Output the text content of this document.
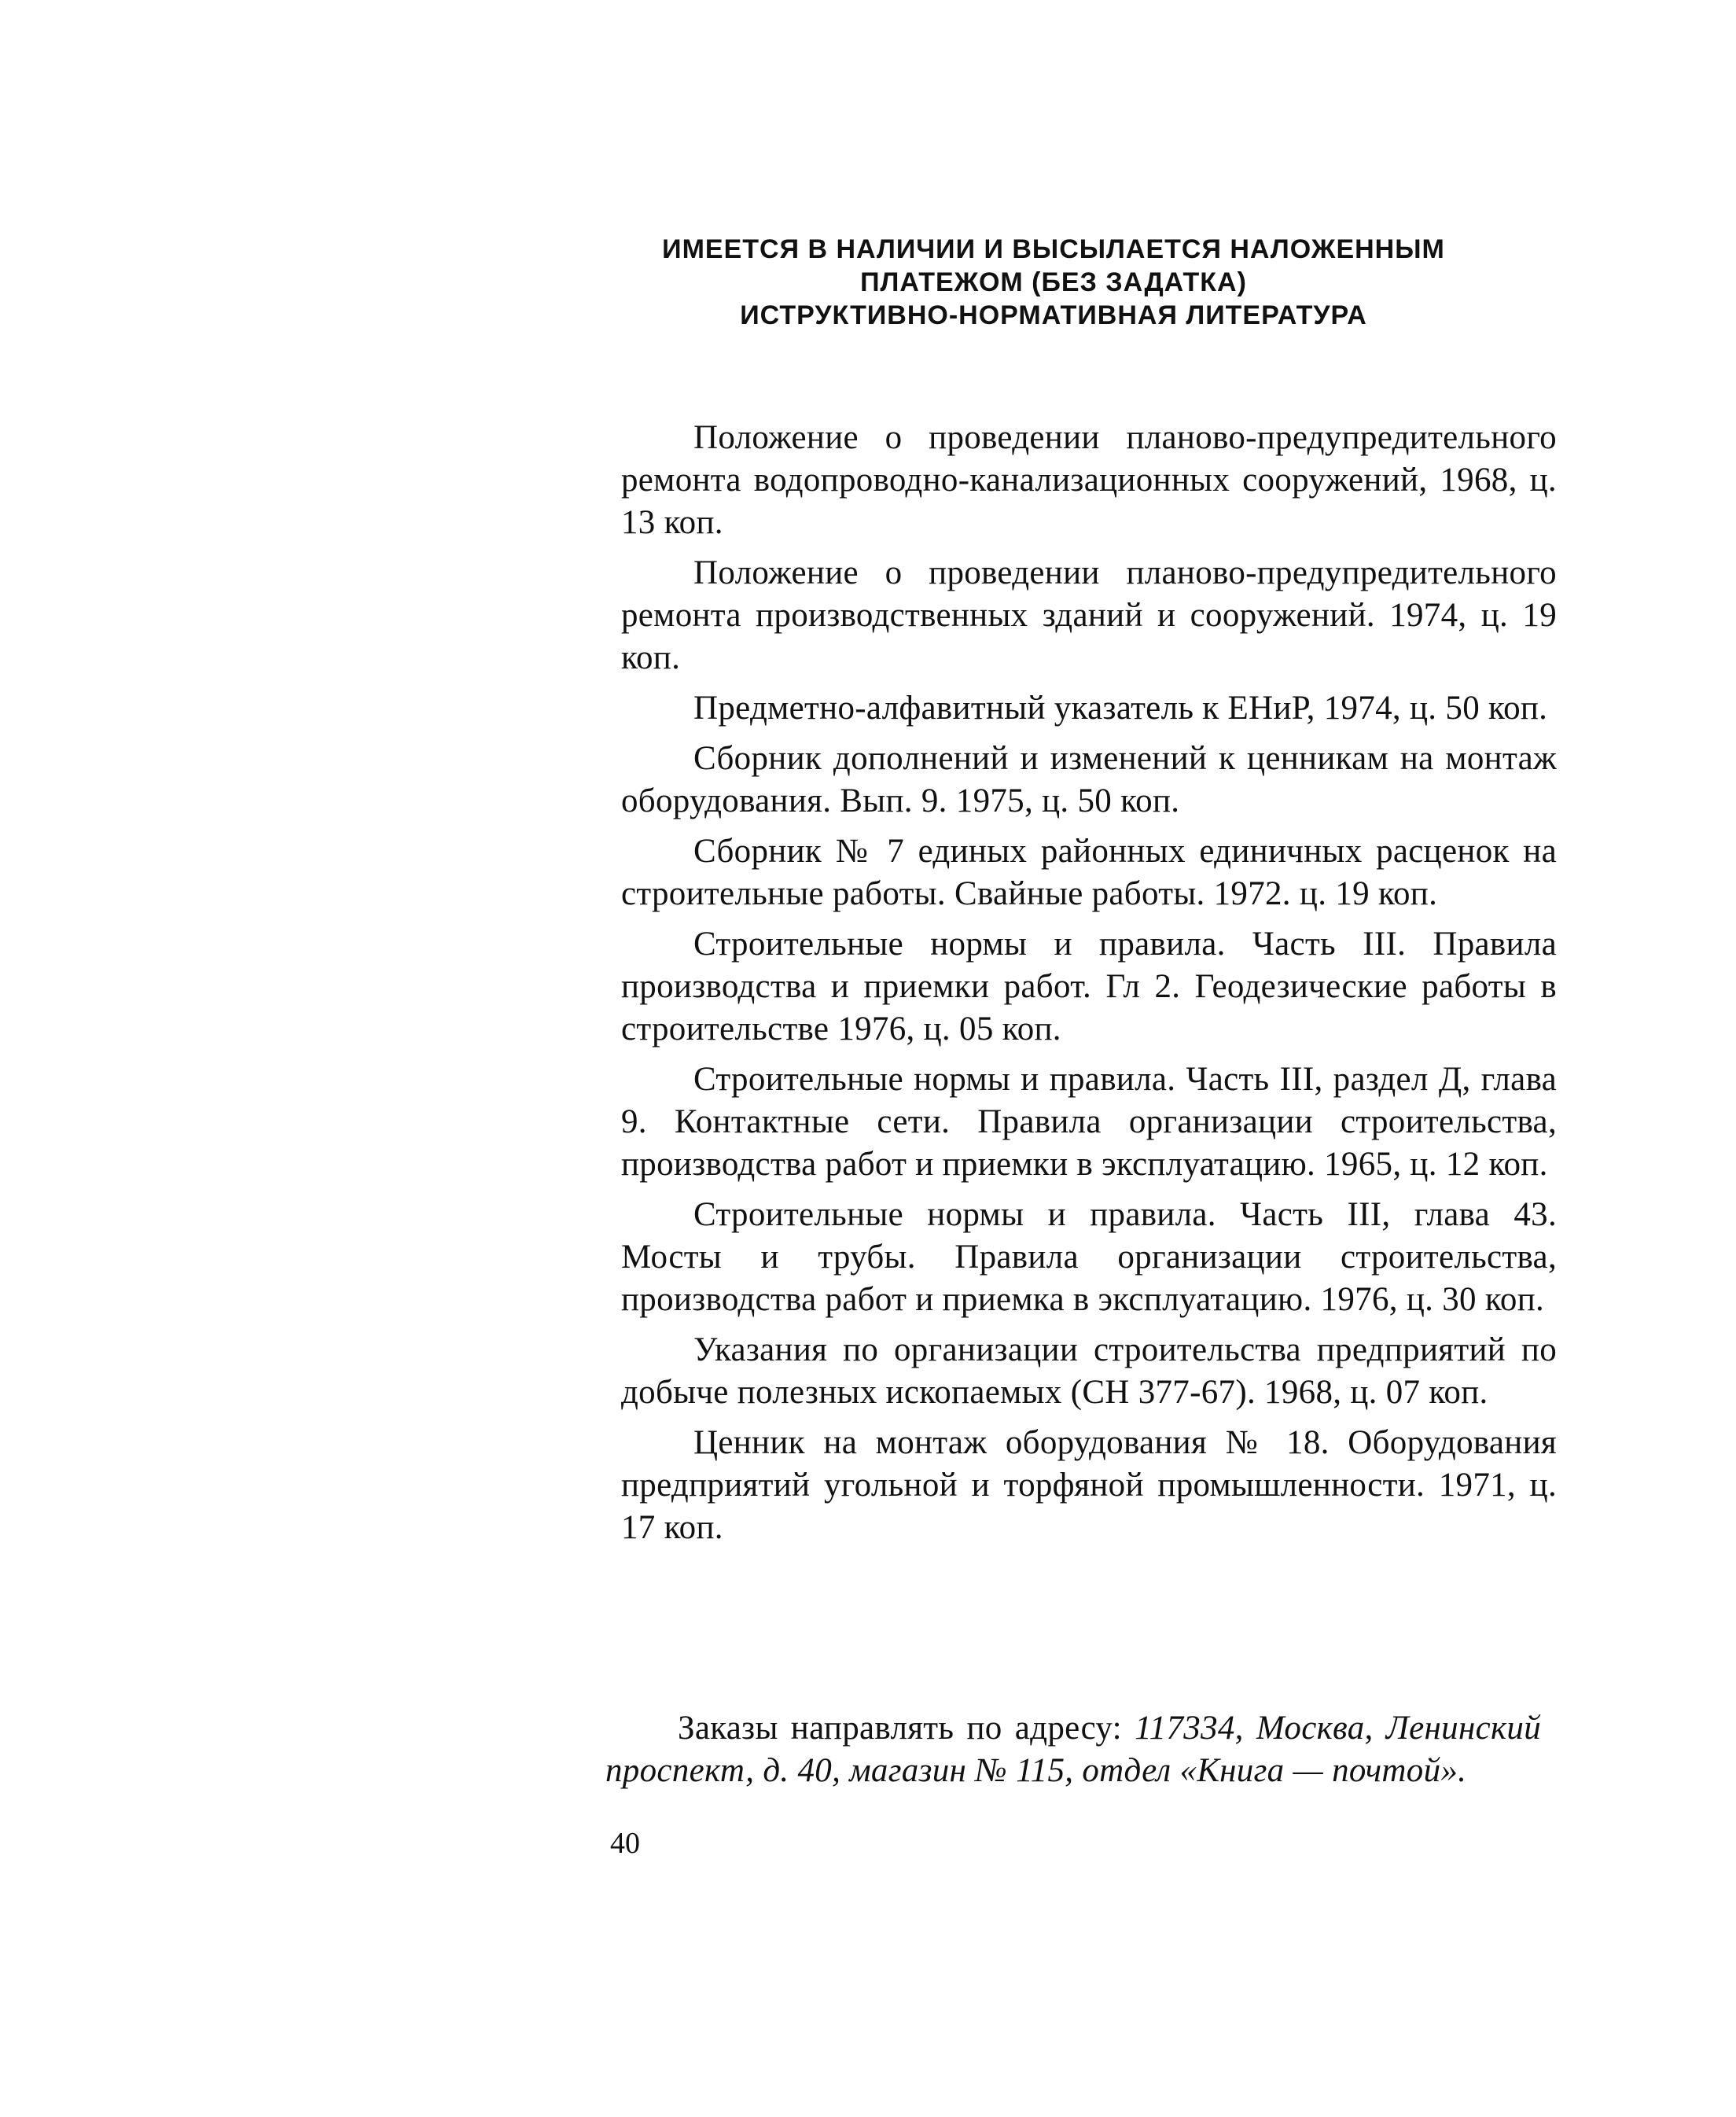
ИМЕЕТСЯ В НАЛИЧИИ И ВЫСЫЛАЕТСЯ НАЛОЖЕННЫМ
ПЛАТЕЖОМ (БЕЗ ЗАДАТКА)
ИСТРУКТИВНО-НОРМАТИВНАЯ ЛИТЕРАТУРА

Положение о проведении планово-предупредительного ремонта водопроводно-канализационных сооружений, 1968, ц. 13 коп.

Положение о проведении планово-предупредительного ремонта производственных зданий и сооружений. 1974, ц. 19 коп.

Предметно-алфавитный указатель к ЕНиР, 1974, ц. 50 коп.

Сборник дополнений и изменений к ценникам на монтаж оборудования. Вып. 9. 1975, ц. 50 коп.

Сборник № 7 единых районных единичных расценок на строительные работы. Свайные работы. 1972. ц. 19 коп.

Строительные нормы и правила. Часть III. Правила производства и приемки работ. Гл 2. Геодезические работы в строительстве 1976, ц. 05 коп.

Строительные нормы и правила. Часть III, раздел Д, глава 9. Контактные сети. Правила организации строительства, производства работ и приемки в эксплуатацию. 1965, ц. 12 коп.

Строительные нормы и правила. Часть III, глава 43. Мосты и трубы. Правила организации строительства, производства работ и приемка в эксплуатацию. 1976, ц. 30 коп.

Указания по организации строительства предприятий по добыче полезных ископаемых (СН 377-67). 1968, ц. 07 коп.

Ценник на монтаж оборудования № 18. Оборудования предприятий угольной и торфяной промышленности. 1971, ц. 17 коп.

Заказы направлять по адресу: 117334, Москва, Ленинский проспект, д. 40, магазин № 115, отдел «Книга — почтой».

40
